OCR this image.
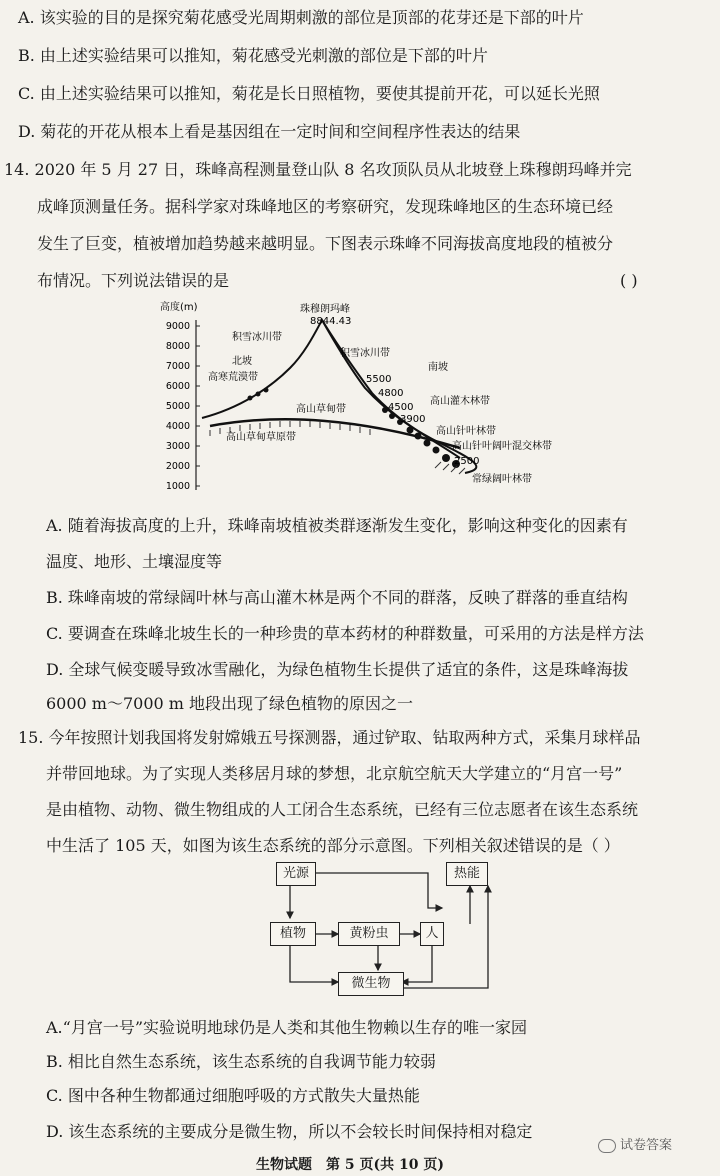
A. 该实验的目的是探究菊花感受光周期刺激的部位是顶部的花芽还是下部的叶片
B. 由上述实验结果可以推知，菊花感受光刺激的部位是下部的叶片
C. 由上述实验结果可以推知，菊花是长日照植物，要使其提前开花，可以延长光照
D. 菊花的开花从根本上看是基因组在一定时间和空间程序性表达的结果
14. 2020 年 5 月 27 日，珠峰高程测量登山队 8 名攻顶队员从北坡登上珠穆朗玛峰并完
成峰顶测量任务。据科学家对珠峰地区的考察研究，发现珠峰地区的生态环境已经
发生了巨变，植被增加趋势越来越明显。下图表示珠峰不同海拔高度地段的植被分
布情况。下列说法错误的是	( )
高度(m)
9000
8000
7000
6000
5000
4000
3000
2000
1000
珠穆朗玛峰
8844.43
积雪冰川带
积雪冰川带
北坡
高寒荒漠带
南坡
高山草甸带
高山草甸草原带
高山灌木林带
高山针叶林带
高山针叶阔叶混交林带
常绿阔叶林带
5500
4800
4500
3900
2500
A. 随着海拔高度的上升，珠峰南坡植被类群逐渐发生变化，影响这种变化的因素有
温度、地形、土壤湿度等
B. 珠峰南坡的常绿阔叶林与高山灌木林是两个不同的群落，反映了群落的垂直结构
C. 要调查在珠峰北坡生长的一种珍贵的草本药材的种群数量，可采用的方法是样方法
D. 全球气候变暖导致冰雪融化，为绿色植物生长提供了适宜的条件，这是珠峰海拔
6000 m～7000 m 地段出现了绿色植物的原因之一
15. 今年按照计划我国将发射嫦娥五号探测器，通过铲取、钻取两种方式，采集月球样品
并带回地球。为了实现人类移居月球的梦想，北京航空航天大学建立的“月宫一号”
是由植物、动物、微生物组成的人工闭合生态系统，已经有三位志愿者在该生态系统
中生活了 105 天，如图为该生态系统的部分示意图。下列相关叙述错误的是（ ）
光源	热能
植物	黄粉虫	人
微生物
A.“月宫一号”实验说明地球仍是人类和其他生物赖以生存的唯一家园
B. 相比自然生态系统，该生态系统的自我调节能力较弱
C. 图中各种生物都通过细胞呼吸的方式散失大量热能
D. 该生态系统的主要成分是微生物，所以不会较长时间保持相对稳定
生物试题　第 5 页(共 10 页)
试卷答案
